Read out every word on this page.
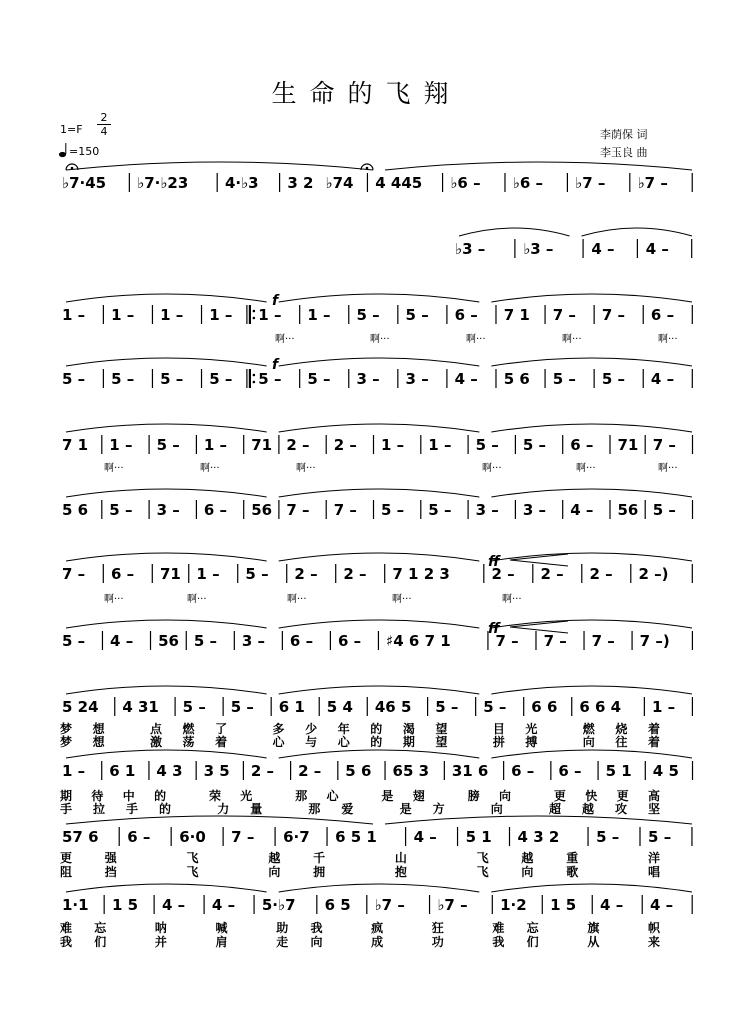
生命的飞翔
1=F
2
4
=150
李荫保 词
李玉良 曲
♭7·45 ♭7·♭23 4·♭3 3 2 ♭74 4 445 ♭6 – ♭6 – ♭7 – ♭7 –
♭3 –	♭3 –	4 – 4 –
1 – 1 – 1 – 1 – 1 – 1 – 5 – 5 – 6 – 7 1 7 – 7 – 6 –
5 – 5 – 5 – 5 – 5 – 5 – 3 – 3 – 4 – 5 6 5 – 5 – 4 –
7 1 1 – 5 – 1 – 71 2 – 2 – 1 – 1 – 5 – 5 – 6 – 71 7 –
5 6 5 – 3 – 6 – 56 7 – 7 – 5 – 5 – 3 – 3 – 4 – 56 5 –
7 – 6 – 71 1 – 5 – 2 – 2 – 7 1 2 3	2 – 2 – 2 – 2 –)
5 – 4 – 56 5 – 3 – 6 – 6 – ♯4 6 7 1	7 – 7 – 7 – 7 –)
5 24 4 31 5 – 5 – 6 1 5 4 46 5 5 – 5 – 6 6 6 6 4 1 –
1 – 6 1 4 3 3 5 2 – 2 – 5 6 65 3 31 6 6 – 6 – 5 1 4 5
57 6 6 – 6·0 7 – 6·7 6 5 1 4 – 5 1 4 3 2 5 – 5 –
1·1 1 5 4 – 4 – 5·♭7 6 5 ♭7 – ♭7 – 1·2 1 5 4 – 4 –
啊···	啊···	啊···	啊···	啊···
啊···	啊···	啊···	啊···	啊···	啊···
啊···	啊···	啊···	啊···	啊···
f
f
ff
ff
梦想 点燃了 多少年的渴望 目光 燃烧着
梦想 激荡着 心与心的期望 拼搏 向往着
期待中的 荣光 那心 是翅 膀向 更快更高
手拉手的 力量 那爱 是方 向 超越攻坚
更强 飞 越千 山 飞越重 洋
阻挡 飞 向拥 抱 飞向歌 唱
难忘 呐 喊 助我 疯 狂 难忘 旗 帜
我们 并 肩 走向 成 功 我们 从 来
